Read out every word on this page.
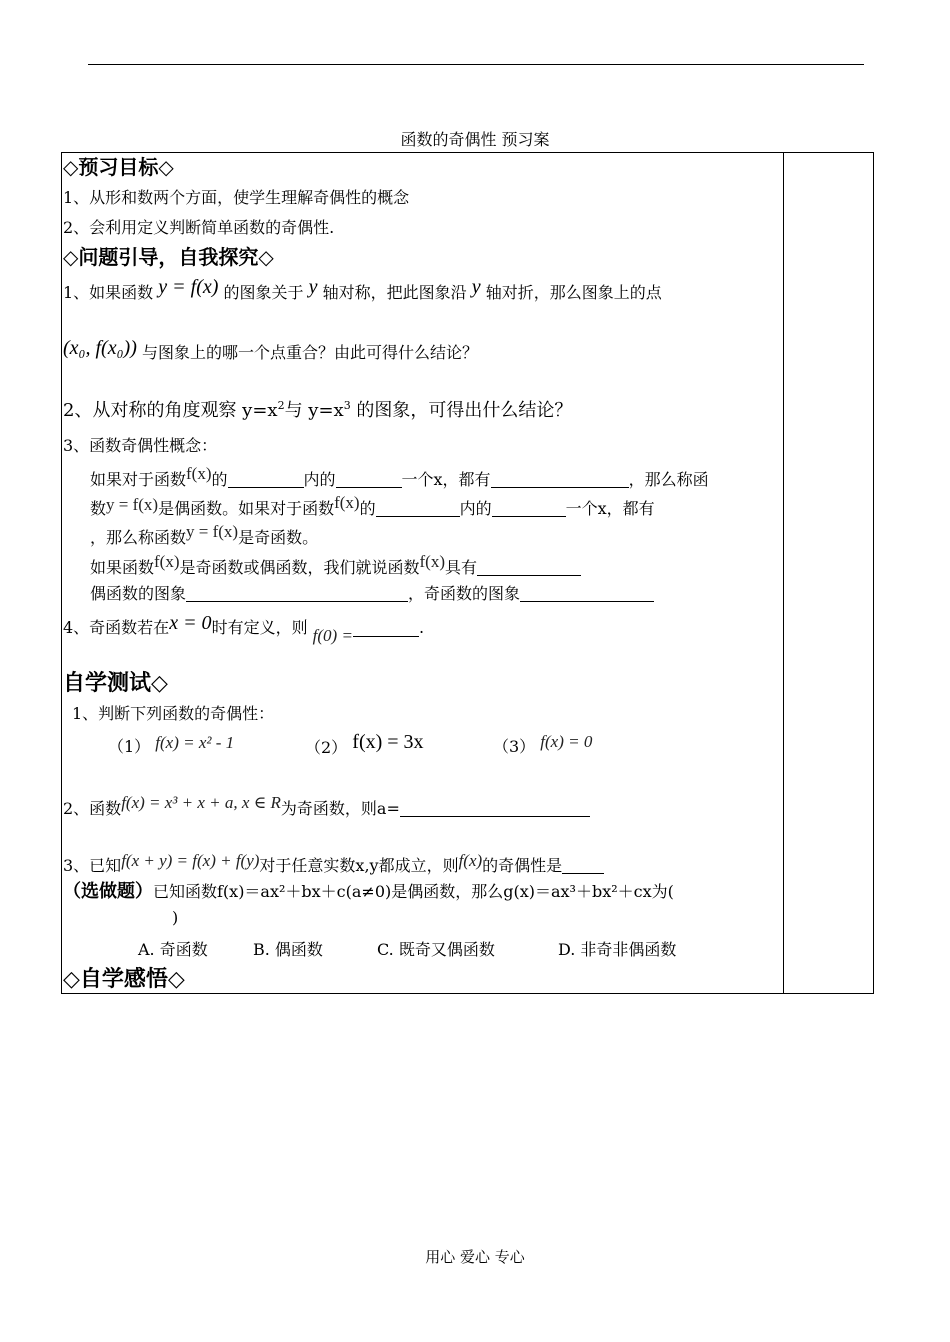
函数的奇偶性 预习案
◇预习目标◇
1、从形和数两个方面，使学生理解奇偶性的概念
2、会利用定义判断简单函数的奇偶性.
◇问题引导，自我探究◇
1、如果函数 y = f(x) 的图象关于 y 轴对称，把此图象沿 y 轴对折，那么图象上的点
(x₀, f(x₀)) 与图象上的哪一个点重合？由此可得什么结论？
2、从对称的角度观察 $y=x^2$与 $y=x^3$ 的图象，可得出什么结论？
3、函数奇偶性概念：
如果对于函数f(x)的	内的	一个x，都有	，那么称函
数y = f(x)是偶函数。如果对于函数f(x)的	内的	一个x，都有
，那么称函数y = f(x)是奇函数。
如果函数f(x)是奇函数或偶函数，我们就说函数f(x)具有
偶函数的图象	，奇函数的图象
4、奇函数若在x = 0时有定义，则 f(0) =	.
自学测试◇
1、判断下列函数的奇偶性：
（1） f(x) = x² - 1	（2） f(x) = 3x	（3） f(x) = 0
2、函数f(x) = x³ + x + a, x ∈ R为奇函数，则a=
3、已知f(x + y) = f(x) + f(y)对于任意实数x,y都成立，则f(x)的奇偶性是
（选做题）已知函数f(x)＝ax²＋bx＋c(a≠0)是偶函数，那么g(x)＝ax³＋bx²＋cx为(
)
A. 奇函数	B. 偶函数	C. 既奇又偶函数	D. 非奇非偶函数
◇自学感悟◇
用心 爱心 专心
